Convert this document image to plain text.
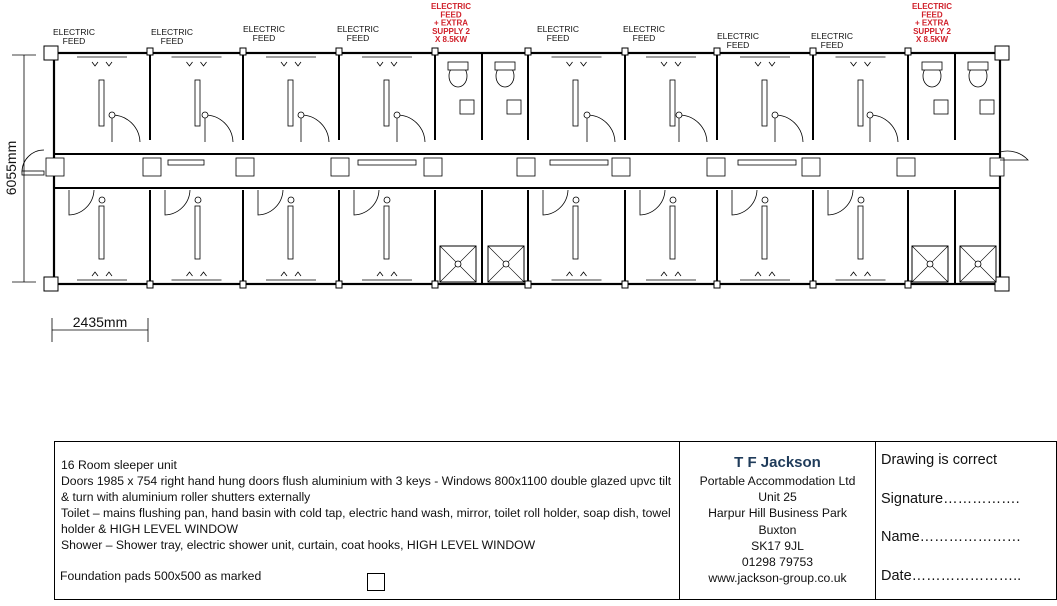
6055mm
2435mm
ELECTRIC
FEED
ELECTRIC
FEED
ELECTRIC
FEED
ELECTRIC
FEED
ELECTRIC
FEED
ELECTRIC
FEED	ELECTRIC
FEED
ELECTRIC
FEED
ELECTRIC
FEED
+ EXTRA
SUPPLY 2
X 8.5KW
ELECTRIC
FEED
+ EXTRA
SUPPLY 2
X 8.5KW

16 Room sleeper unit

Doors 1985 x 754 right hand hung doors flush aluminium with 3 keys - Windows 800x1100 double glazed upvc tilt & turn with aluminium roller shutters externally

Toilet – mains flushing pan, hand basin with cold tap, electric hand wash, mirror, toilet roll holder, soap dish, towel holder & HIGH LEVEL WINDOW

Shower – Shower tray, electric shower unit, curtain, coat hooks, HIGH LEVEL WINDOW

Foundation pads 500x500 as marked
T F Jackson
Portable Accommodation Ltd
Unit 25
Harpur Hill Business Park
Buxton
SK17 9JL
01298 79753
www.jackson-group.co.uk
Drawing is correct
Signature…………….
Name…………………
Date…………………..
